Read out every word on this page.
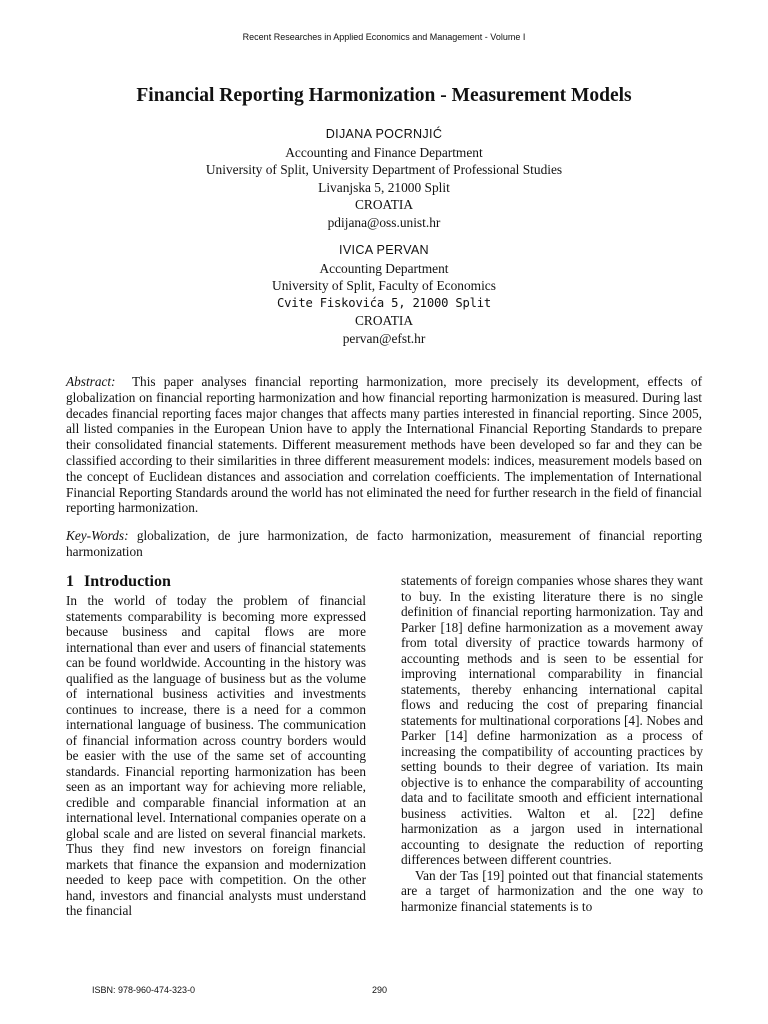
Recent Researches in Applied Economics and Management - Volume I
Financial Reporting Harmonization - Measurement Models
DIJANA POCRNJIĆ
Accounting and Finance Department
University of Split, University Department of Professional Studies
Livanjska 5, 21000 Split
CROATIA
pdijana@oss.unist.hr
IVICA PERVAN
Accounting Department
University of Split, Faculty of Economics
Cvite Fiskovića 5, 21000 Split
CROATIA
pervan@efst.hr
Abstract: This paper analyses financial reporting harmonization, more precisely its development, effects of globalization on financial reporting harmonization and how financial reporting harmonization is measured. During last decades financial reporting faces major changes that affects many parties interested in financial reporting. Since 2005, all listed companies in the European Union have to apply the International Financial Reporting Standards to prepare their consolidated financial statements. Different measurement methods have been developed so far and they can be classified according to their similarities in three different measurement models: indices, measurement models based on the concept of Euclidean distances and association and correlation coefficients. The implementation of International Financial Reporting Standards around the world has not eliminated the need for further research in the field of financial reporting harmonization.
Key-Words: globalization, de jure harmonization, de facto harmonization, measurement of financial reporting harmonization
1 Introduction

In the world of today the problem of financial statements comparability is becoming more expressed because business and capital flows are more international than ever and users of financial statements can be found worldwide. Accounting in the history was qualified as the language of business but as the volume of international business activities and investments continues to increase, there is a need for a common international language of business. The communication of financial information across country borders would be easier with the use of the same set of accounting standards. Financial reporting harmonization has been seen as an important way for achieving more reliable, credible and comparable financial information at an international level. International companies operate on a global scale and are listed on several financial markets. Thus they find new investors on foreign financial markets that finance the expansion and modernization needed to keep pace with competition. On the other hand, investors and financial analysts must understand the financial

statements of foreign companies whose shares they want to buy. In the existing literature there is no single definition of financial reporting harmonization. Tay and Parker [18] define harmonization as a movement away from total diversity of practice towards harmony of accounting methods and is seen to be essential for improving international comparability in financial statements, thereby enhancing international capital flows and reducing the cost of preparing financial statements for multinational corporations [4]. Nobes and Parker [14] define harmonization as a process of increasing the compatibility of accounting practices by setting bounds to their degree of variation. Its main objective is to enhance the comparability of accounting data and to facilitate smooth and efficient international business activities. Walton et al. [22] define harmonization as a jargon used in international accounting to designate the reduction of reporting differences between different countries.

Van der Tas [19] pointed out that financial statements are a target of harmonization and the one way to harmonize financial statements is to

ISBN: 978-960-474-323-0	290
